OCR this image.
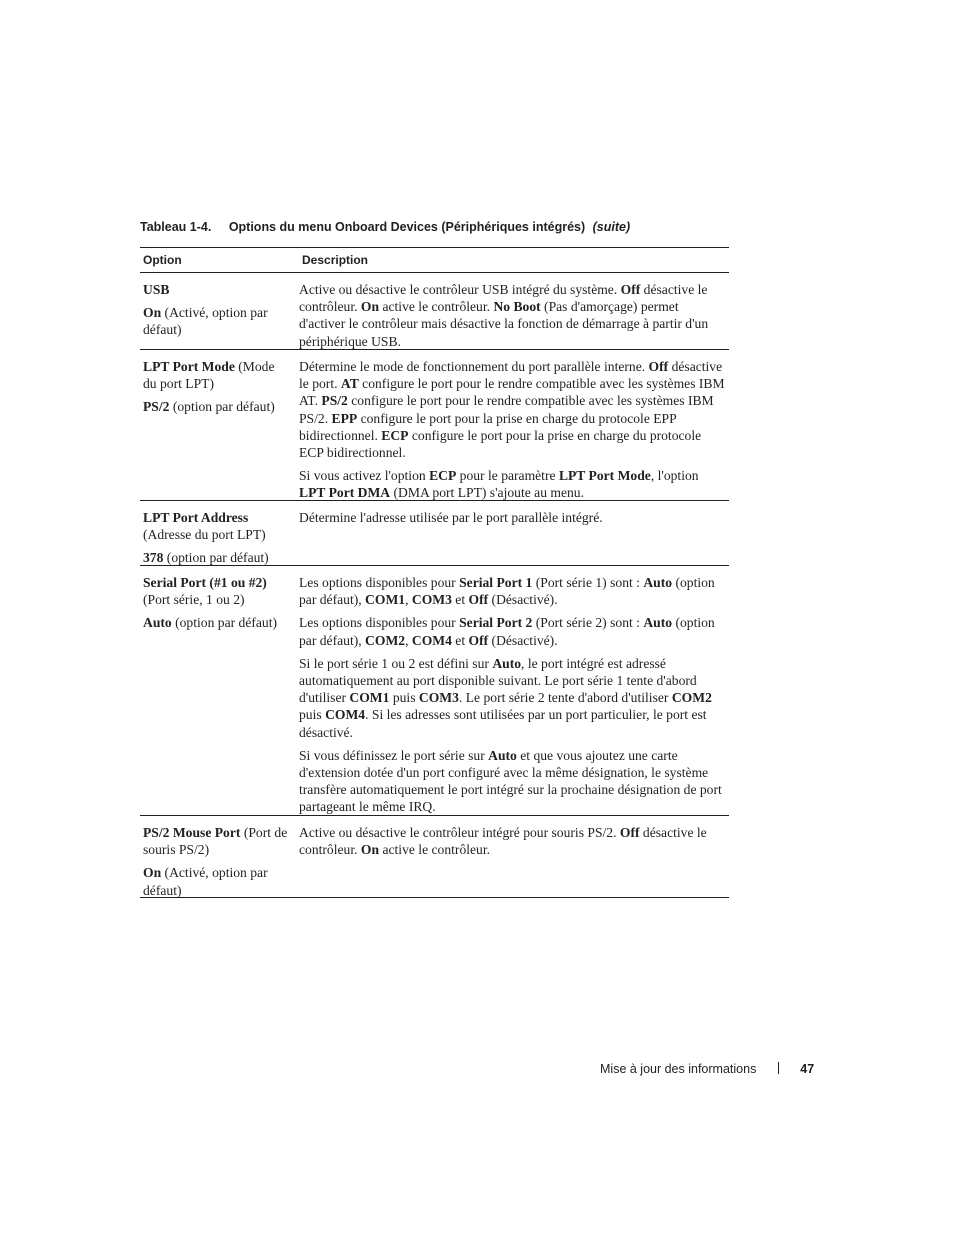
Tableau 1-4. Options du menu Onboard Devices (Périphériques intégrés) (suite)
Option	Description

USB

On (Activé, option par défaut)

Active ou désactive le contrôleur USB intégré du système. Off désactive le contrôleur. On active le contrôleur. No Boot (Pas d'amorçage) permet d'activer le contrôleur mais désactive la fonction de démarrage à partir d'un périphérique USB.

LPT Port Mode (Mode du port LPT)

PS/2 (option par défaut)

Détermine le mode de fonctionnement du port parallèle interne. Off désactive le port. AT configure le port pour le rendre compatible avec les systèmes IBM AT. PS/2 configure le port pour le rendre compatible avec les systèmes IBM PS/2. EPP configure le port pour la prise en charge du protocole EPP bidirectionnel. ECP configure le port pour la prise en charge du protocole ECP bidirectionnel.

Si vous activez l'option ECP pour le paramètre LPT Port Mode, l'option LPT Port DMA (DMA port LPT) s'ajoute au menu.

LPT Port Address (Adresse du port LPT)

378 (option par défaut)

Détermine l'adresse utilisée par le port parallèle intégré.

Serial Port (#1 ou #2) (Port série, 1 ou 2)

Auto (option par défaut)

Les options disponibles pour Serial Port 1 (Port série 1) sont : Auto (option par défaut), COM1, COM3 et Off (Désactivé).

Les options disponibles pour Serial Port 2 (Port série 2) sont : Auto (option par défaut), COM2, COM4 et Off (Désactivé).

Si le port série 1 ou 2 est défini sur Auto, le port intégré est adressé automatiquement au port disponible suivant. Le port série 1 tente d'abord d'utiliser COM1 puis COM3. Le port série 2 tente d'abord d'utiliser COM2 puis COM4. Si les adresses sont utilisées par un port particulier, le port est désactivé.

Si vous définissez le port série sur Auto et que vous ajoutez une carte d'extension dotée d'un port configuré avec la même désignation, le système transfère automatiquement le port intégré sur la prochaine désignation de port partageant le même IRQ.

PS/2 Mouse Port (Port de souris PS/2)

On (Activé, option par défaut)

Active ou désactive le contrôleur intégré pour souris PS/2. Off désactive le contrôleur. On active le contrôleur.

Mise à jour des informations	47
